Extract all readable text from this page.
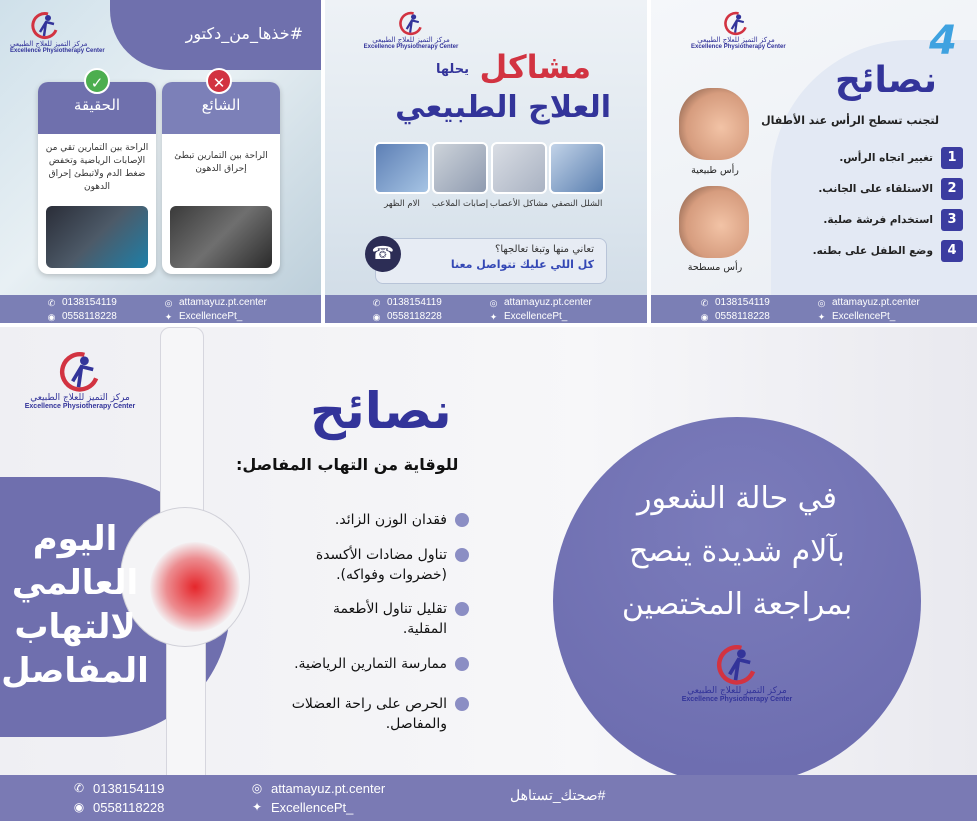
#خذها_من_دكتور
مركز التميز للعلاج الطبيعي
Excellence Physiotherapy Center
✓	✕
الحقيقة
الراحة بين التمارين تقي من الإصابات الرياضية وتخفض ضغط الدم ولاتبطئ إحراق الدهون
الشائع
الراحة بين التمارين تبطئ إحراق الدهون
✆ 0138154119
◉ 0558118228
◎ attamayuz.pt.center
✦ ExcellencePt_
مركز التميز للعلاج الطبيعي
Excellence Physiotherapy Center
مشاكل
يحلها
العلاج الطبيعي
الام الظهر	إصابات الملاعب مشاكل الأعصاب الشلل النصفي
تعاني منها وتبغا تعالجها؟
كل اللي عليك تتواصل معنا
☎
✆ 0138154119
◉ 0558118228
◎ attamayuz.pt.center
✦ ExcellencePt_
مركز التميز للعلاج الطبيعي
Excellence Physiotherapy Center	4
نصائح
لتجنب تسطح الرأس عند الأطفال
1
تغيير اتجاه الرأس.
2
الاستلقاء على الجانب.
3
استخدام فرشة صلبة.
4
وضع الطفل على بطنه.
رأس طبيعية
رأس مسطحة
✆ 0138154119
◉ 0558118228
◎ attamayuz.pt.center
✦ ExcellencePt_
مركز التميز للعلاج الطبيعي
Excellence Physiotherapy Center
اليوم
العالمي
لالتهاب
المفاصل
نصائح
للوقاية من التهاب المفاصل:
فقدان الوزن الزائد.
تناول مضادات الأكسدة
(خضروات وفواكه).
تقليل تناول الأطعمة
المقلية.
ممارسة التمارين الرياضية.
الحرص على راحة العضلات
والمفاصل.
في حالة الشعور
بآلام شديدة ينصح
بمراجعة المختصين
مركز التميز للعلاج الطبيعي
Excellence Physiotherapy Center
✆ 0138154119
◉ 0558118228
◎ attamayuz.pt.center
✦ ExcellencePt_
#صحتك_تستاهل
